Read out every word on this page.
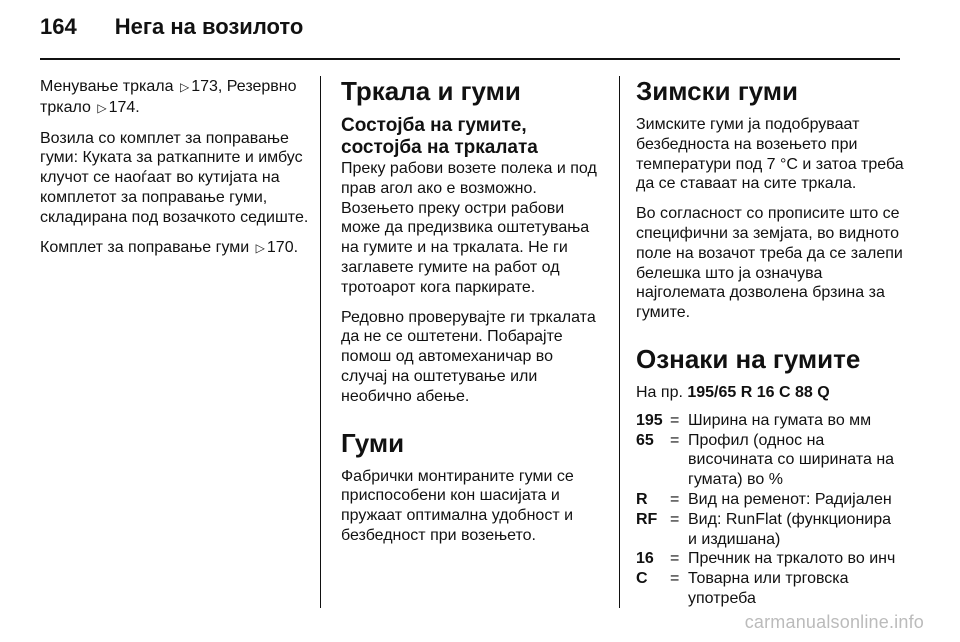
164 Нега на возилото

Менување тркала ▷ 173, Резервно тркало ▷ 174.

Возила со комплет за поправање гуми: Куката за раткапните и имбус клучот се наоѓаат во кутијата на комплетот за поправање гуми, складирана под возачкото седиште.

Комплет за поправање гуми ▷ 170.

Тркала и гуми
Состојба на гумите, состојба на тркалата

Преку рабови возете полека и под прав агол ако е возможно. Возењето преку остри рабови може да предизвика оштетувања на гумите и на тркалата. Не ги заглавете гумите на работ од тротоарот кога паркирате.

Редовно проверувајте ги тркалата да не се оштетени. Побарајте помош од автомеханичар во случај на оштетување или необично абење.

Гуми

Фабрички монтираните гуми се приспособени кон шасијата и пружаат оптимална удобност и безбедност при возењето.

Зимски гуми

Зимските гуми ја подобруваат безбедноста на возењето при температури под 7 °C и затоа треба да се ставаат на сите тркала.

Во согласност со прописите што се специфични за земјата, во видното поле на возачот треба да се залепи белешка што ја означува најголемата дозволена брзина за гумите.

Ознаки на гумите
На пр. 195/65 R 16 C 88 Q
195	=	Ширина на гумата во мм
65	=	Профил (однос на височината со ширината на гумата) во %
R	=	Вид на ременот: Радијален
RF	=	Вид: RunFlat (функционира и издишана)
16	=	Пречник на тркалото во инч
C	=	Товарна или трговска употреба
carmanualsonline.info
